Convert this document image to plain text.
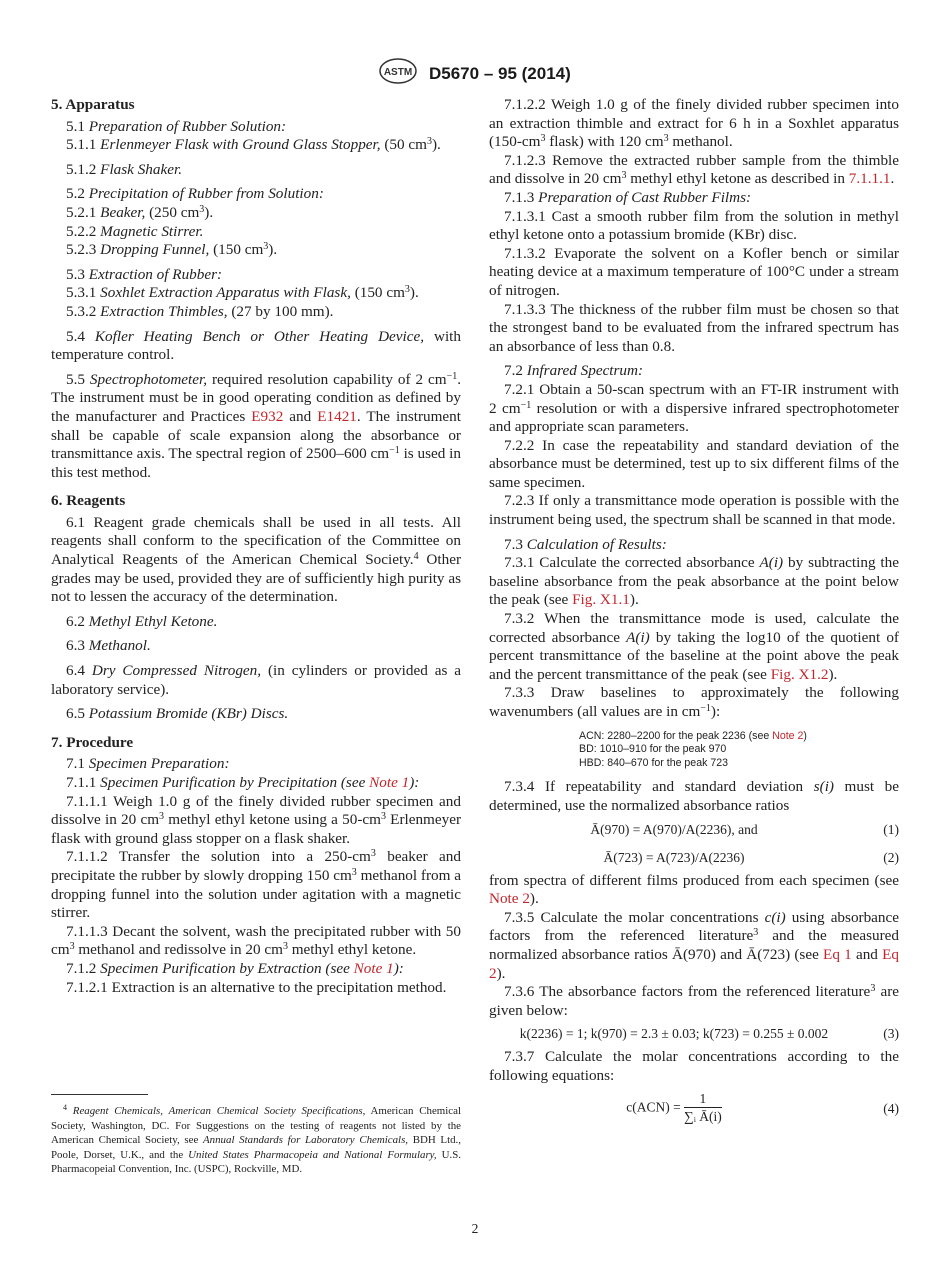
ASTM D5670 – 95 (2014)
5. Apparatus

5.1 Preparation of Rubber Solution:

5.1.1 Erlenmeyer Flask with Ground Glass Stopper, (50 $cm^3$).

5.1.2 Flask Shaker.

5.2 Precipitation of Rubber from Solution:

5.2.1 Beaker, (250 $cm^3$).

5.2.2 Magnetic Stirrer.

5.2.3 Dropping Funnel, (150 $cm^3$).

5.3 Extraction of Rubber:

5.3.1 Soxhlet Extraction Apparatus with Flask, (150 $cm^3$).

5.3.2 Extraction Thimbles, (27 by 100 mm).

5.4 Kofler Heating Bench or Other Heating Device, with temperature control.

5.5 Spectrophotometer, required resolution capability of 2 $cm^{-1}$. The instrument must be in good operating condition as defined by the manufacturer and Practices E932 and E1421. The instrument shall be capable of scale expansion along the absorbance or transmittance axis. The spectral region of 2500–600 $cm^{-1}$ is used in this test method.

6. Reagents

6.1 Reagent grade chemicals shall be used in all tests. All reagents shall conform to the specification of the Committee on Analytical Reagents of the American Chemical Society.$^4$ Other grades may be used, provided they are of sufficiently high purity as not to lessen the accuracy of the determination.

6.2 Methyl Ethyl Ketone.

6.3 Methanol.

6.4 Dry Compressed Nitrogen, (in cylinders or provided as a laboratory service).

6.5 Potassium Bromide (KBr) Discs.

7. Procedure

7.1 Specimen Preparation:

7.1.1 Specimen Purification by Precipitation (see Note 1):

7.1.1.1 Weigh 1.0 g of the finely divided rubber specimen and dissolve in 20 $cm^3$ methyl ethyl ketone using a $50-cm^3$ Erlenmeyer flask with ground glass stopper on a flask shaker.

7.1.1.2 Transfer the solution into a $250-cm^3$ beaker and precipitate the rubber by slowly dropping 150 $cm^3$ methanol from a dropping funnel into the solution under agitation with a magnetic stirrer.

7.1.1.3 Decant the solvent, wash the precipitated rubber with 50 $cm^3$ methanol and redissolve in 20 $cm^3$ methyl ethyl ketone.

7.1.2 Specimen Purification by Extraction (see Note 1):

7.1.2.1 Extraction is an alternative to the precipitation method.

$^4$ Reagent Chemicals, American Chemical Society Specifications, American Chemical Society, Washington, DC. For Suggestions on the testing of reagents not listed by the American Chemical Society, see Annual Standards for Laboratory Chemicals, BDH Ltd., Poole, Dorset, U.K., and the United States Pharmacopeia and National Formulary, U.S. Pharmacopeial Convention, Inc. (USPC), Rockville, MD.

7.1.2.2 Weigh 1.0 g of the finely divided rubber specimen into an extraction thimble and extract for 6 h in a Soxhlet apparatus ($150-cm^3$ flask) with 120 $cm^3$ methanol.

7.1.2.3 Remove the extracted rubber sample from the thimble and dissolve in 20 $cm^3$ methyl ethyl ketone as described in 7.1.1.1.

7.1.3 Preparation of Cast Rubber Films:

7.1.3.1 Cast a smooth rubber film from the solution in methyl ethyl ketone onto a potassium bromide (KBr) disc.

7.1.3.2 Evaporate the solvent on a Kofler bench or similar heating device at a maximum temperature of 100°C under a stream of nitrogen.

7.1.3.3 The thickness of the rubber film must be chosen so that the strongest band to be evaluated from the infrared spectrum has an absorbance of less than 0.8.

7.2 Infrared Spectrum:

7.2.1 Obtain a 50-scan spectrum with an FT-IR instrument with 2 $cm^{-1}$ resolution or with a dispersive infrared spectrophotometer and appropriate scan parameters.

7.2.2 In case the repeatability and standard deviation of the absorbance must be determined, test up to six different films of the same specimen.

7.2.3 If only a transmittance mode operation is possible with the instrument being used, the spectrum shall be scanned in that mode.

7.3 Calculation of Results:

7.3.1 Calculate the corrected absorbance A(i) by subtracting the baseline absorbance from the peak absorbance at the point below the peak (see Fig. X1.1).

7.3.2 When the transmittance mode is used, calculate the corrected absorbance A(i) by taking the log10 of the quotient of percent transmittance of the baseline at the point above the peak and the percent transmittance of the peak (see Fig. X1.2).

7.3.3 Draw baselines to approximately the following wavenumbers (all values are in $cm^{-1}$):

ACN: 2280–2200 for the peak 2236 (see Note 2)
BD: 1010–910 for the peak 970
HBD: 840–670 for the peak 723

7.3.4 If repeatability and standard deviation s(i) must be determined, use the normalized absorbance ratios

Ā(970) = A(970)/A(2236), and	(1)
Ā(723) = A(723)/A(2236)	(2)

from spectra of different films produced from each specimen (see Note 2).

7.3.5 Calculate the molar concentrations c(i) using absorbance factors from the referenced literature$^3$ and the measured normalized absorbance ratios Ā(970) and Ā(723) (see Eq 1 and Eq 2).

7.3.6 The absorbance factors from the referenced literature$^3$ are given below:

k(2236) = 1; k(970) = 2.3 ± 0.03; k(723) = 0.255 ± 0.002	(3)

7.3.7 Calculate the molar concentrations according to the following equations:

$c(ACN) = \frac{1}{\text{∑ᵢ Ā(i)}}$	(4)
2
